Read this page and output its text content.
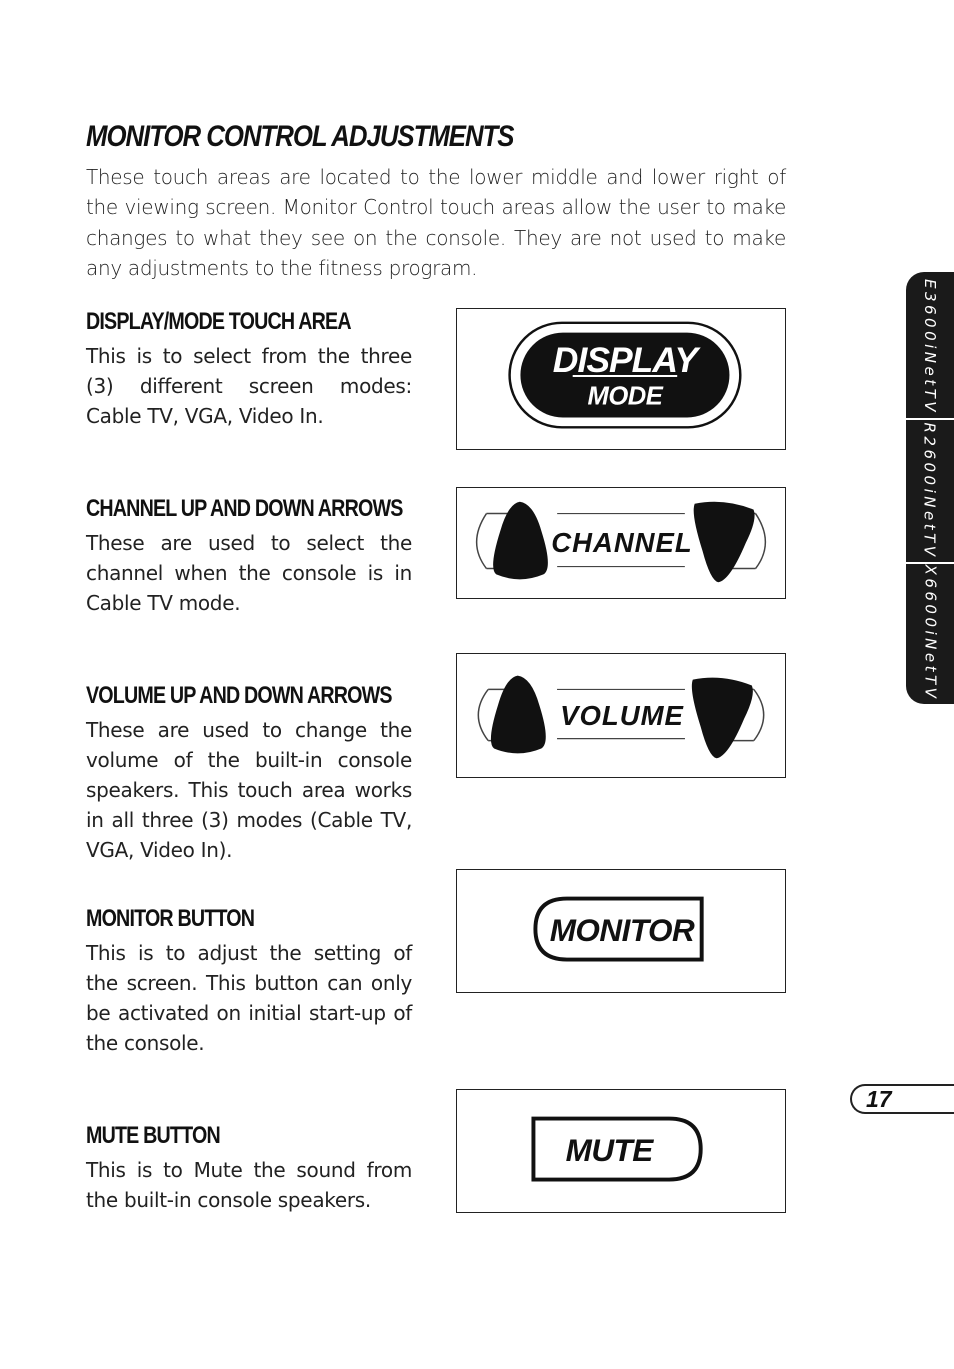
MONITOR CONTROL ADJUSTMENTS

These touch areas are located to the lower middle and lower right of the viewing screen. Monitor Control touch areas allow the user to make changes to what they see on the console. They are not used to make any adjustments to the fitness program.

DISPLAY/MODE TOUCH AREA

This is to select from the three (3) different screen modes: Cable TV, VGA, Video In.

DISPLAY
MODE
CHANNEL UP AND DOWN ARROWS

These are used to select the channel when the console is in Cable TV mode.

CHANNEL
VOLUME UP AND DOWN ARROWS

These are used to change the volume of the built-in console speakers. This touch area works in all three (3) modes (Cable TV, VGA, Video In).

VOLUME
MONITOR BUTTON

This is to adjust the setting of the screen. This button can only be activated on initial start-up of the console.

MONITOR
MUTE BUTTON

This is to Mute the sound from the built-in console speakers.

MUTE
E3600iNetTV
R2600iNetTV
X6600iNetTV
17
